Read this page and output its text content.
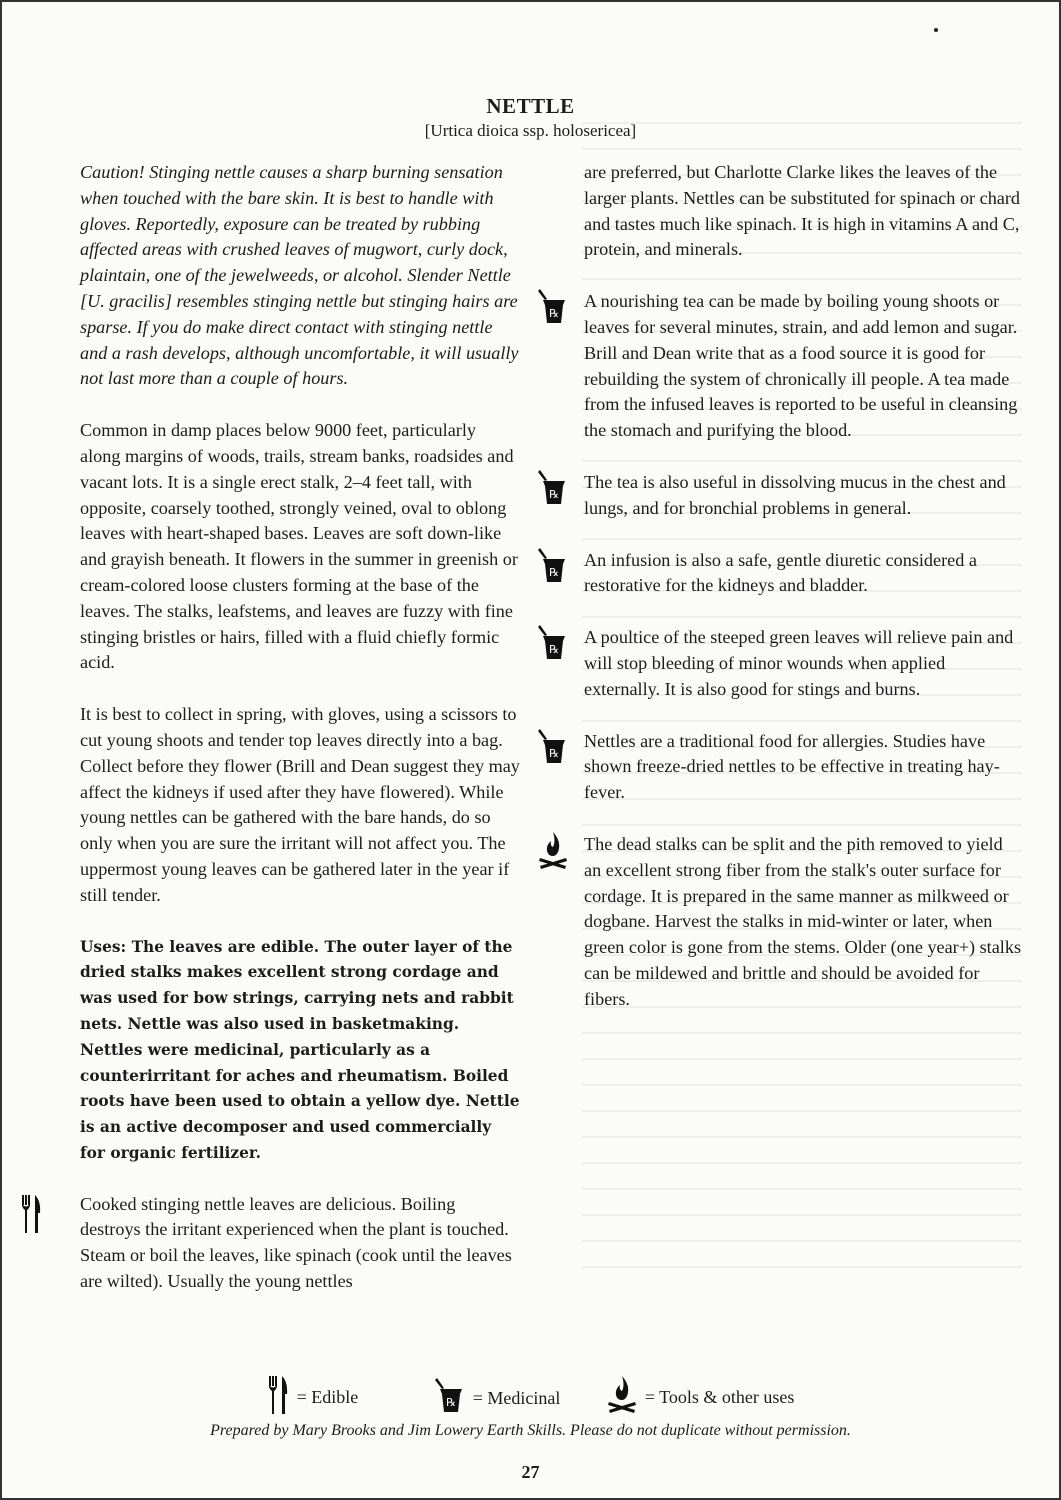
NETTLE
[Urtica dioica ssp. holosericea]

Caution! Stinging nettle causes a sharp burning sensation when touched with the bare skin. It is best to handle with gloves. Reportedly, exposure can be treated by rubbing affected areas with crushed leaves of mugwort, curly dock, plaintain, one of the jewelweeds, or alcohol. Slender Nettle [U. gracilis] resembles stinging nettle but stinging hairs are sparse. If you do make direct contact with stinging nettle and a rash develops, although uncomfortable, it will usually not last more than a couple of hours.

Common in damp places below 9000 feet, particularly along margins of woods, trails, stream banks, roadsides and vacant lots. It is a single erect stalk, 2–4 feet tall, with opposite, coarsely toothed, strongly veined, oval to oblong leaves with heart-shaped bases. Leaves are soft down-like and grayish beneath. It flowers in the summer in greenish or cream-colored loose clusters forming at the base of the leaves. The stalks, leafstems, and leaves are fuzzy with fine stinging bristles or hairs, filled with a fluid chiefly formic acid.

It is best to collect in spring, with gloves, using a scissors to cut young shoots and tender top leaves directly into a bag. Collect before they flower (Brill and Dean suggest they may affect the kidneys if used after they have flowered). While young nettles can be gathered with the bare hands, do so only when you are sure the irritant will not affect you. The uppermost young leaves can be gathered later in the year if still tender.

Uses: The leaves are edible. The outer layer of the dried stalks makes excellent strong cordage and was used for bow strings, carrying nets and rabbit nets. Nettle was also used in basketmaking. Nettles were medicinal, particularly as a counterirritant for aches and rheumatism. Boiled roots have been used to obtain a yellow dye. Nettle is an active decomposer and used commercially for organic fertilizer.

Cooked stinging nettle leaves are delicious. Boiling destroys the irritant experienced when the plant is touched. Steam or boil the leaves, like spinach (cook until the leaves are wilted). Usually the young nettles

are preferred, but Charlotte Clarke likes the leaves of the larger plants. Nettles can be substituted for spinach or chard and tastes much like spinach. It is high in vitamins A and C, protein, and minerals.

℞

A nourishing tea can be made by boiling young shoots or leaves for several minutes, strain, and add lemon and sugar. Brill and Dean write that as a food source it is good for rebuilding the system of chronically ill people. A tea made from the infused leaves is reported to be useful in cleansing the stomach and purifying the blood.

℞

The tea is also useful in dissolving mucus in the chest and lungs, and for bronchial problems in general.

℞

An infusion is also a safe, gentle diuretic considered a restorative for the kidneys and bladder.

℞

A poultice of the steeped green leaves will relieve pain and will stop bleeding of minor wounds when applied externally. It is also good for stings and burns.

℞

Nettles are a traditional food for allergies. Studies have shown freeze-dried nettles to be effective in treating hay-fever.

The dead stalks can be split and the pith removed to yield an excellent strong fiber from the stalk's outer surface for cordage. It is prepared in the same manner as milkweed or dogbane. Harvest the stalks in mid-winter or later, when green color is gone from the stems. Older (one year+) stalks can be mildewed and brittle and should be avoided for fibers.

= Edible
	℞ = Medicinal
	= Tools & other uses
Prepared by Mary Brooks and Jim Lowery Earth Skills. Please do not duplicate without permission.
27
